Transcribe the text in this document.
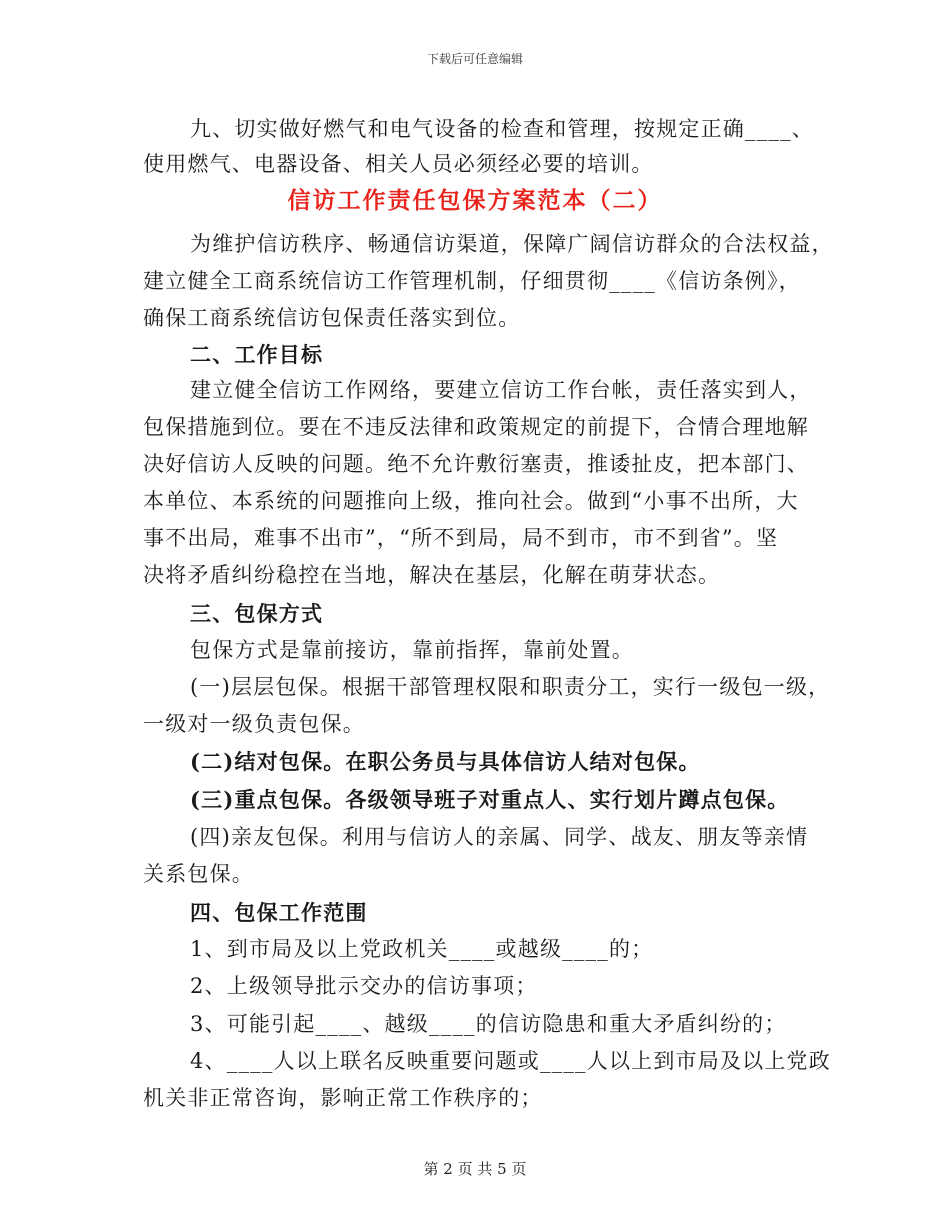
下载后可任意编辑
九、切实做好燃气和电气设备的检查和管理，按规定正确____、
使用燃气、电器设备、相关人员必须经必要的培训。
信访工作责任包保方案范本（二）
为维护信访秩序、畅通信访渠道，保障广阔信访群众的合法权益，
建立健全工商系统信访工作管理机制，仔细贯彻____《信访条例》，
确保工商系统信访包保责任落实到位。
二、工作目标
建立健全信访工作网络，要建立信访工作台帐，责任落实到人，
包保措施到位。要在不违反法律和政策规定的前提下，合情合理地解
决好信访人反映的问题。绝不允许敷衍塞责，推诿扯皮，把本部门、
本单位、本系统的问题推向上级，推向社会。做到“小事不出所，大
事不出局，难事不出市”，“所不到局，局不到市，市不到省”。坚
决将矛盾纠纷稳控在当地，解决在基层，化解在萌芽状态。
三、包保方式
包保方式是靠前接访，靠前指挥，靠前处置。
(一)层层包保。根据干部管理权限和职责分工，实行一级包一级，
一级对一级负责包保。
(二)结对包保。在职公务员与具体信访人结对包保。
(三)重点包保。各级领导班子对重点人、实行划片蹲点包保。
(四)亲友包保。利用与信访人的亲属、同学、战友、朋友等亲情
关系包保。
四、包保工作范围
1、到市局及以上党政机关____或越级____的；
2、上级领导批示交办的信访事项；
3、可能引起____、越级____的信访隐患和重大矛盾纠纷的；
4、____人以上联名反映重要问题或____人以上到市局及以上党政
机关非正常咨询，影响正常工作秩序的；
第 2 页 共 5 页
